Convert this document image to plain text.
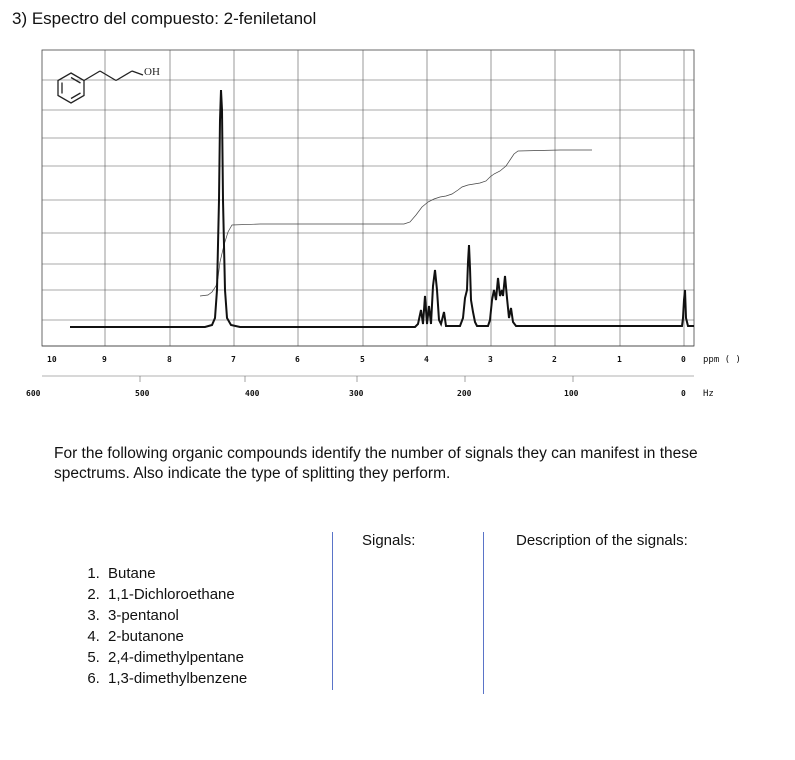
3) Espectro del compuesto: 2-feniletanol
OH
10	9	8	7	6	5	4	3	2	1	0 ppm ( )
600	500	400	300	200	100	0 Hz
For the following organic compounds identify the number of signals they can manifest in these spectrums. Also indicate the type of splitting they perform.
Signals:	Description of the signals:
1. Butane
2. 1,1-Dichloroethane
3. 3-pentanol
4. 2-butanone
5. 2,4-dimethylpentane
6. 1,3-dimethylbenzene
